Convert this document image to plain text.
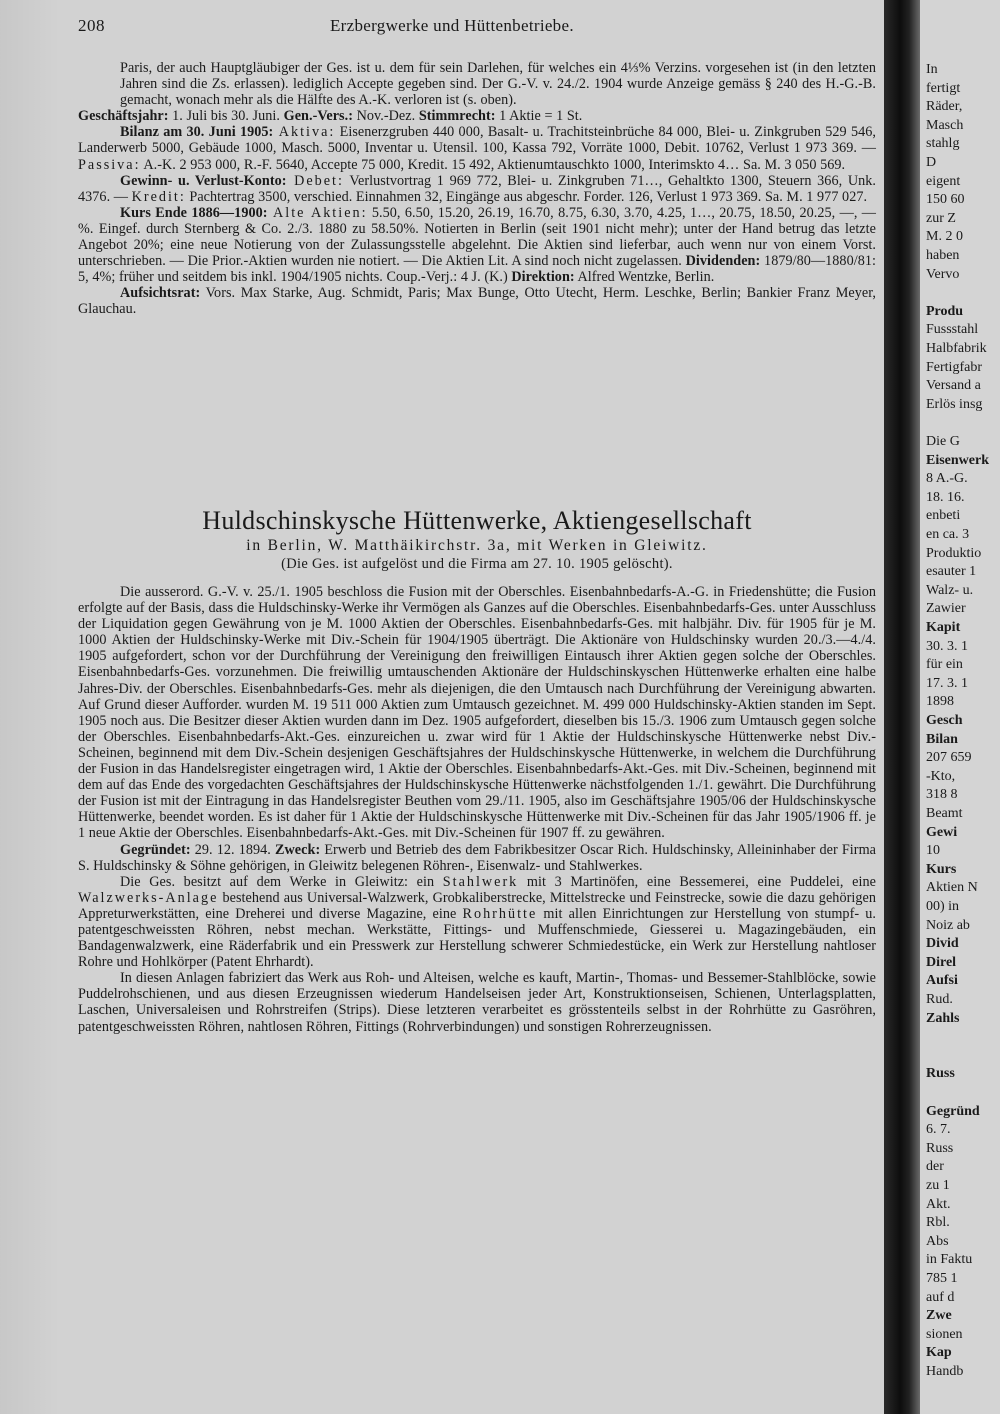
208	Erzbergwerke und Hüttenbetriebe.

Paris, der auch Hauptgläubiger der Ges. ist u. dem für sein Darlehen, für welches ein 4⅓% Verzins. vorgesehen ist (in den letzten Jahren sind die Zs. erlassen). lediglich Accepte gegeben sind. Der G.-V. v. 24./2. 1904 wurde Anzeige gemäss § 240 des H.-G.-B. gemacht, wonach mehr als die Hälfte des A.-K. verloren ist (s. oben).

Geschäftsjahr: 1. Juli bis 30. Juni. Gen.-Vers.: Nov.-Dez. Stimmrecht: 1 Aktie = 1 St.

Bilanz am 30. Juni 1905: Aktiva: Eisenerzgruben 440 000, Basalt- u. Trachitsteinbrüche 84 000, Blei- u. Zinkgruben 529 546, Landerwerb 5000, Gebäude 1000, Masch. 5000, Inventar u. Utensil. 100, Kassa 792, Vorräte 1000, Debit. 10762, Verlust 1 973 369. — Passiva: A.-K. 2 953 000, R.-F. 5640, Accepte 75 000, Kredit. 15 492, Aktienumtauschkto 1000, Interimskto 4… Sa. M. 3 050 569.

Gewinn- u. Verlust-Konto: Debet: Verlustvortrag 1 969 772, Blei- u. Zinkgruben 71…, Gehaltkto 1300, Steuern 366, Unk. 4376. — Kredit: Pachtertrag 3500, verschied. Einnahmen 32, Eingänge aus abgeschr. Forder. 126, Verlust 1 973 369. Sa. M. 1 977 027.

Kurs Ende 1886—1900: Alte Aktien: 5.50, 6.50, 15.20, 26.19, 16.70, 8.75, 6.30, 3.70, 4.25, 1…, 20.75, 18.50, 20.25, —, —%. Eingef. durch Sternberg & Co. 2./3. 1880 zu 58.50%. Notierten in Berlin (seit 1901 nicht mehr); unter der Hand betrug das letzte Angebot 20%; eine neue Notierung von der Zulassungsstelle abgelehnt. Die Aktien sind lieferbar, auch wenn nur von einem Vorst. unterschrieben. — Die Prior.-Aktien wurden nie notiert. — Die Aktien Lit. A sind noch nicht zugelassen. Dividenden: 1879/80—1880/81: 5, 4%; früher und seitdem bis inkl. 1904/1905 nichts. Coup.-Verj.: 4 J. (K.) Direktion: Alfred Wentzke, Berlin.

Aufsichtsrat: Vors. Max Starke, Aug. Schmidt, Paris; Max Bunge, Otto Utecht, Herm. Leschke, Berlin; Bankier Franz Meyer, Glauchau.

Huldschinskysche Hüttenwerke, Aktiengesellschaft
in Berlin, W. Matthäikirchstr. 3a, mit Werken in Gleiwitz.
(Die Ges. ist aufgelöst und die Firma am 27. 10. 1905 gelöscht).

Die ausserord. G.-V. v. 25./1. 1905 beschloss die Fusion mit der Oberschles. Eisenbahnbedarfs-A.-G. in Friedenshütte; die Fusion erfolgte auf der Basis, dass die Huldschinsky-Werke ihr Vermögen als Ganzes auf die Oberschles. Eisenbahnbedarfs-Ges. unter Ausschluss der Liquidation gegen Gewährung von je M. 1000 Aktien der Oberschles. Eisenbahnbedarfs-Ges. mit halbjähr. Div. für 1905 für je M. 1000 Aktien der Huldschinsky-Werke mit Div.-Schein für 1904/1905 überträgt. Die Aktionäre von Huldschinsky wurden 20./3.—4./4. 1905 aufgefordert, schon vor der Durchführung der Vereinigung den freiwilligen Eintausch ihrer Aktien gegen solche der Oberschles. Eisenbahnbedarfs-Ges. vorzunehmen. Die freiwillig umtauschenden Aktionäre der Huldschinskyschen Hüttenwerke erhalten eine halbe Jahres-Div. der Oberschles. Eisenbahnbedarfs-Ges. mehr als diejenigen, die den Umtausch nach Durchführung der Vereinigung abwarten. Auf Grund dieser Aufforder. wurden M. 19 511 000 Aktien zum Umtausch gezeichnet. M. 499 000 Huldschinsky-Aktien standen im Sept. 1905 noch aus. Die Besitzer dieser Aktien wurden dann im Dez. 1905 aufgefordert, dieselben bis 15./3. 1906 zum Umtausch gegen solche der Oberschles. Eisenbahnbedarfs-Akt.-Ges. einzureichen u. zwar wird für 1 Aktie der Huldschinskysche Hüttenwerke nebst Div.-Scheinen, beginnend mit dem Div.-Schein desjenigen Geschäftsjahres der Huldschinskysche Hüttenwerke, in welchem die Durchführung der Fusion in das Handelsregister eingetragen wird, 1 Aktie der Oberschles. Eisenbahnbedarfs-Akt.-Ges. mit Div.-Scheinen, beginnend mit dem auf das Ende des vorgedachten Geschäftsjahres der Huldschinskysche Hüttenwerke nächstfolgenden 1./1. gewährt. Die Durchführung der Fusion ist mit der Eintragung in das Handelsregister Beuthen vom 29./11. 1905, also im Geschäftsjahre 1905/06 der Huldschinskysche Hüttenwerke, beendet worden. Es ist daher für 1 Aktie der Huldschinskysche Hüttenwerke mit Div.-Scheinen für das Jahr 1905/1906 ff. je 1 neue Aktie der Oberschles. Eisenbahnbedarfs-Akt.-Ges. mit Div.-Scheinen für 1907 ff. zu gewähren.

Gegründet: 29. 12. 1894. Zweck: Erwerb und Betrieb des dem Fabrikbesitzer Oscar Rich. Huldschinsky, Alleininhaber der Firma S. Huldschinsky & Söhne gehörigen, in Gleiwitz belegenen Röhren-, Eisenwalz- und Stahlwerkes.

Die Ges. besitzt auf dem Werke in Gleiwitz: ein Stahlwerk mit 3 Martinöfen, eine Bessemerei, eine Puddelei, eine Walzwerks-Anlage bestehend aus Universal-Walzwerk, Grobkaliberstrecke, Mittelstrecke und Feinstrecke, sowie die dazu gehörigen Appreturwerkstätten, eine Dreherei und diverse Magazine, eine Rohrhütte mit allen Einrichtungen zur Herstellung von stumpf- u. patentgeschweissten Röhren, nebst mechan. Werkstätte, Fittings- und Muffenschmiede, Giesserei u. Magazingebäuden, ein Bandagenwalzwerk, eine Räderfabrik und ein Presswerk zur Herstellung schwerer Schmiedestücke, ein Werk zur Herstellung nahtloser Rohre und Hohlkörper (Patent Ehrhardt).

In diesen Anlagen fabriziert das Werk aus Roh- und Alteisen, welche es kauft, Martin-, Thomas- und Bessemer-Stahlblöcke, sowie Puddelrohschienen, und aus diesen Erzeugnissen wiederum Handelseisen jeder Art, Konstruktionseisen, Schienen, Unterlagsplatten, Laschen, Universaleisen und Rohrstreifen (Strips). Diese letzteren verarbeitet es grösstenteils selbst in der Rohrhütte zu Gasröhren, patentgeschweissten Röhren, nahtlosen Röhren, Fittings (Rohrverbindungen) und sonstigen Rohrerzeugnissen.

In
fertigt
Räder,
Masch
stahlg
D
eigent
150 60
zur Z
M. 2 0
haben
Vervo
Produ
Fussstahl
Halbfabrik
Fertigfabr
Versand a
Erlös insg
Die G
Eisenwerk
8 A.-G.
18. 16.
enbeti
en ca. 3
Produktio
esauter 1
Walz- u.
Zawier
Kapit
30. 3. 1
für ein
17. 3. 1
1898
Gesch
Bilan
207 659
-Kto,
318 8
Beamt
Gewi
10
Kurs
Aktien N
00) in
Noiz ab
Divid
Direl
Aufsi
Rud.
Zahls
Russ
Gegründ
6. 7.
Russ
der
zu 1
Akt.
Rbl.
Abs
in Faktu
785 1
auf d
Zwe
sionen
Kap
Handb
